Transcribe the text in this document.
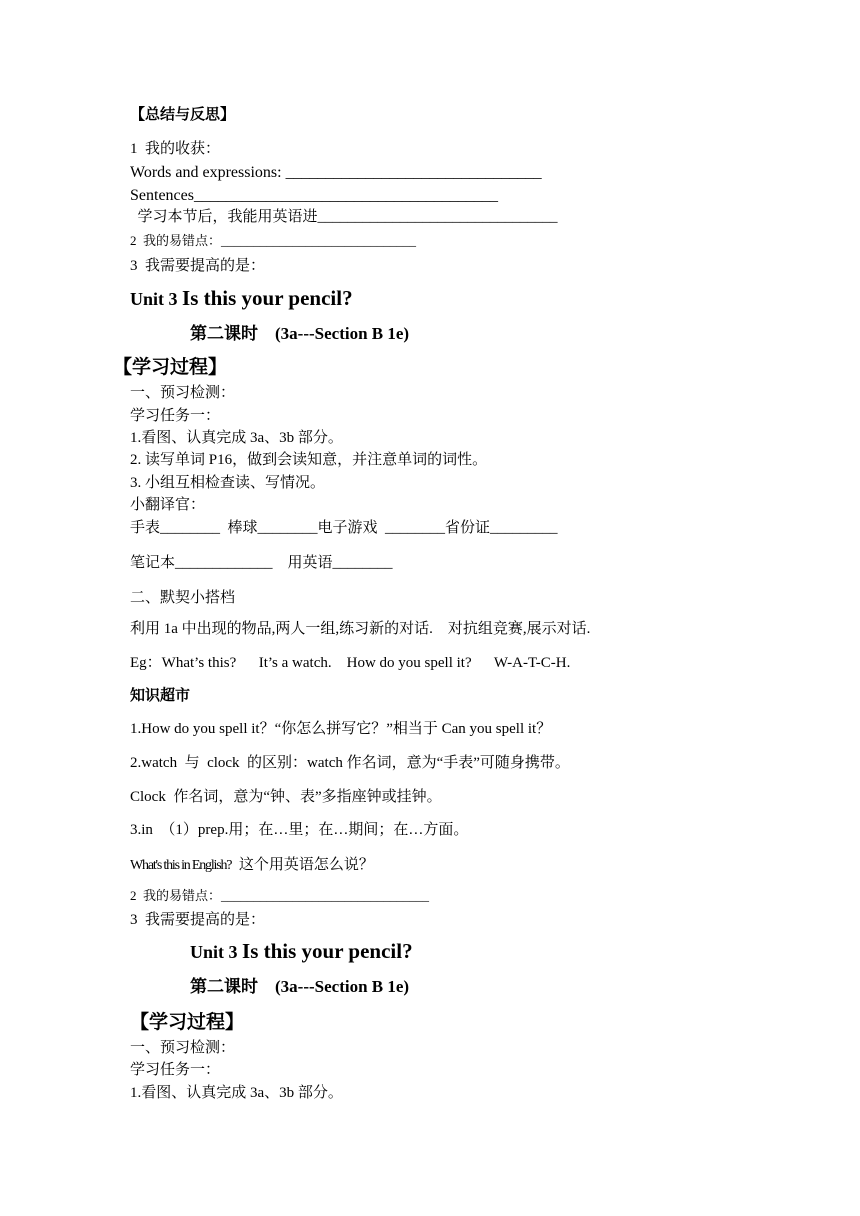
【总结与反思】
1  我的收获：
Words and expressions: ________________________________
Sentences______________________________________
学习本节后，我能用英语进________________________________
2  我的易错点：______________________________
3  我需要提高的是：
Unit 3 Is this your pencil?
第二课时    (3a---Section B 1e)
【学习过程】
一、预习检测：
学习任务一：
1.看图、认真完成 3a、3b 部分。
2. 读写单词 P16，做到会读知意，并注意单词的词性。
3. 小组互相检查读、写情况。
小翻译官：
手表________  棒球________电子游戏  ________省份证_________
笔记本_____________    用英语________
二、默契小搭档
利用 1a 中出现的物品,两人一组,练习新的对话.    对抗组竞赛,展示对话.
Eg：What’s this?      It’s a watch.    How do you spell it?      W-A-T-C-H.
知识超市
1.How do you spell it？“你怎么拼写它？”相当于 Can you spell it？
2.watch  与  clock  的区别：watch 作名词，意为“手表”可随身携带。
Clock  作名词，意为“钟、表”多指座钟或挂钟。
3.in  （1）prep.用；在…里；在…期间；在…方面。
What's this in English?  这个用英语怎么说？
2  我的易错点：________________________________
3  我需要提高的是：
Unit 3 Is this your pencil?
第二课时    (3a---Section B 1e)
【学习过程】
一、预习检测：
学习任务一：
1.看图、认真完成 3a、3b 部分。
